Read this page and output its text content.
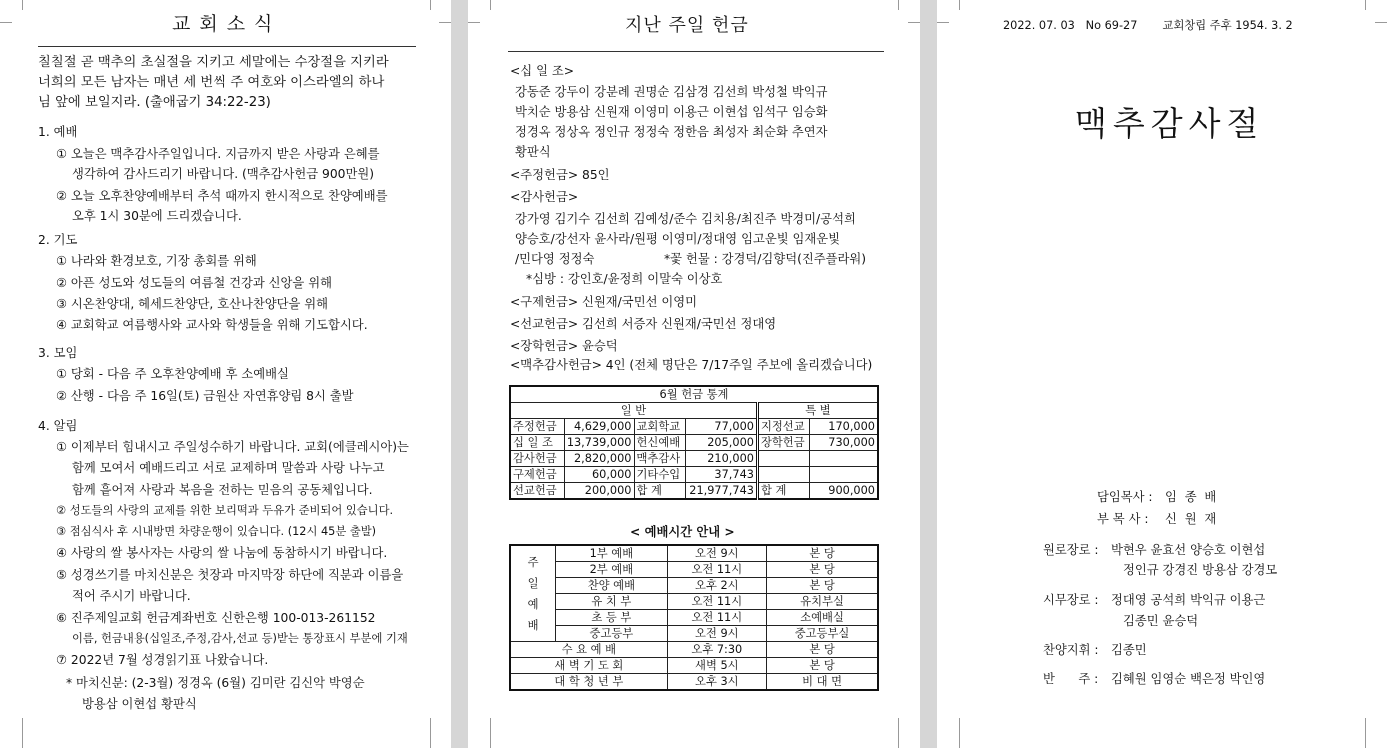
교회소식
칠칠절 곧 맥추의 초실절을 지키고 세말에는 수장절을 지키라
너희의 모든 남자는 매년 세 번씩 주 여호와 이스라엘의 하나
님 앞에 보일지라. (출애굽기 34:22-23)
1. 예배
① 오늘은 맥추감사주일입니다. 지금까지 받은 사랑과 은혜를
생각하여 감사드리기 바랍니다. (맥추감사헌금 900만원)
② 오늘 오후찬양예배부터 추석 때까지 한시적으로 찬양예배를
오후 1시 30분에 드리겠습니다.
2. 기도
① 나라와 환경보호, 기장 총회를 위해
② 아픈 성도와 성도들의 여름철 건강과 신앙을 위해
③ 시온찬양대, 헤세드찬양단, 호산나찬양단을 위해
④ 교회학교 여름행사와 교사와 학생들을 위해 기도합시다.
3. 모임
① 당회 - 다음 주 오후찬양예배 후 소예배실
② 산행 - 다음 주 16일(토) 금원산 자연휴양림 8시 출발
4. 알림
① 이제부터 힘내시고 주일성수하기 바랍니다. 교회(에클레시아)는
함께 모여서 예배드리고 서로 교제하며 말씀과 사랑 나누고
함께 흩어져 사랑과 복음을 전하는 믿음의 공동체입니다.
② 성도들의 사랑의 교제를 위한 보리떡과 두유가 준비되어 있습니다.
③ 점심식사 후 시내방면 차량운행이 있습니다. (12시 45분 출발)
④ 사랑의 쌀 봉사자는 사랑의 쌀 나눔에 동참하시기 바랍니다.
⑤ 성경쓰기를 마치신분은 첫장과 마지막장 하단에 직분과 이름을
적어 주시기 바랍니다.
⑥ 진주제일교회 헌금계좌번호 신한은행 100-013-261152
이름, 헌금내용(십일조,주정,감사,선교 등)받는 통장표시 부분에 기재
⑦ 2022년 7월 성경읽기표 나왔습니다.
* 마치신분: (2-3월) 정경옥 (6월) 김미란 김신악 박영순
방용삼 이현섭 황판식
지난 주일 헌금
<십 일 조>
강동준 강두이 강분례 권명순 김삼경 김선희 박성철 박익규
박치순 방용삼 신원재 이영미 이용근 이현섭 임석구 임승화
정경옥 정상옥 정인규 정정숙 정한음 최성자 최순화 추연자
황판식
<주정헌금> 85인
<감사헌금>
강가영 김기수 김선희 김예성/준수 김치용/최진주 박경미/공석희
양승호/강선자 윤사라/원평 이영미/정대영 임고운빛 임재운빛
/민다영 정정숙	*꽃 헌물 : 강경덕/김향덕(진주플라워)
*심방 : 강인호/윤정희 이말숙 이상호
<구제헌금> 신원재/국민선 이영미
<선교헌금> 김선희 서증자 신원재/국민선 정대영
<장학헌금> 윤승덕
<맥추감사헌금> 4인 (전체 명단은 7/17주일 주보에 올리겠습니다)
6월 헌금 통계					
일 반				특 별	
주정헌금	4,629,000	교회학교	77,000	지정선교	170,000
십 일 조	13,739,000	헌신예배	205,000	장학헌금	730,000
감사헌금	2,820,000	맥추감사	210,000		
구제헌금	60,000	기타수입	37,743		
선교헌금	200,000	합 계	21,977,743	합 계	900,000
< 예배시간 안내 >
주
일
예
배	1부 예배	오전 9시	본 당
	2부 예배	오전 11시	본 당
	찬양 예배	오후 2시	본 당
	유 치 부	오전 11시	유치부실
	초 등 부	오전 11시	소예배실
	중고등부	오전 9시	중고등부실
수 요 예 배		오후 7:30	본 당
새 벽 기 도 회		새벽 5시	본 당
대 학 청 년 부		오후 3시	비 대 면
2022. 07. 03   No 69-27       교회창립 주후 1954. 3. 2
맥추감사절
담임목사 : 임  종  배
부 목 사 : 신  원  재
원로장로 : 박현우 윤효선 양승호 이현섭
정인규 강경진 방용삼 강경모
시무장로 : 정대영 공석희 박익규 이용근
김종민 윤승덕
찬양지휘 : 김종민
반      주 : 김혜원 임영순 백은정 박인영
